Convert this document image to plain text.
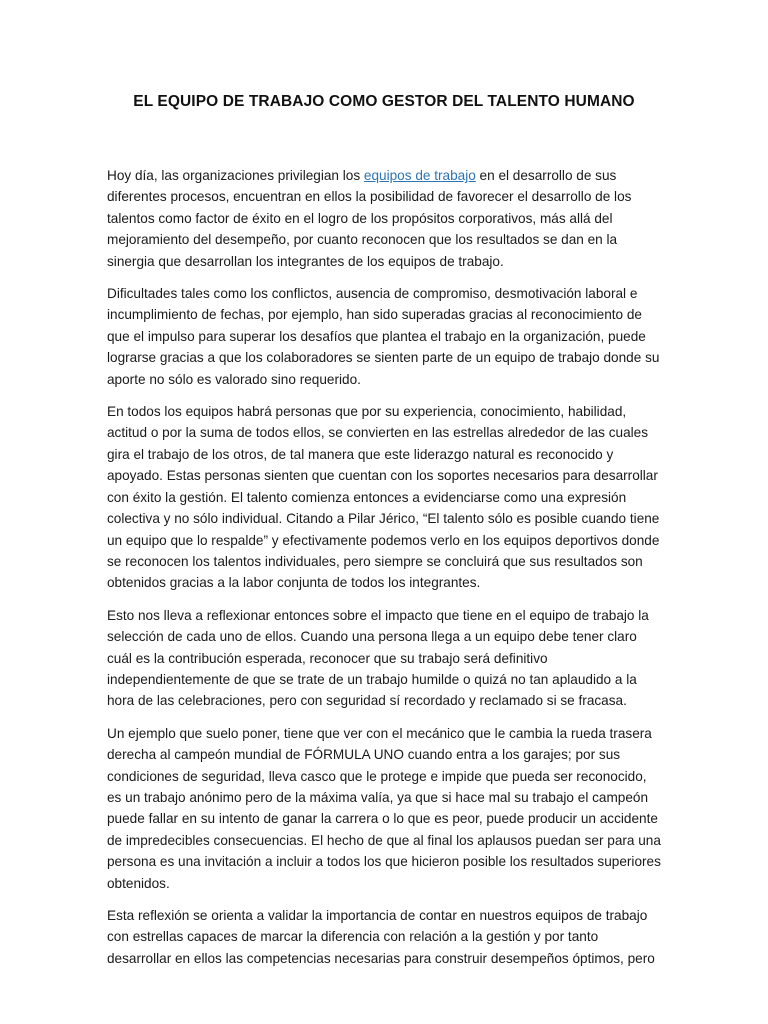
EL EQUIPO DE TRABAJO COMO GESTOR DEL TALENTO HUMANO

Hoy día, las organizaciones privilegian los equipos de trabajo en el desarrollo de sus diferentes procesos, encuentran en ellos la posibilidad de favorecer el desarrollo de los talentos como factor de éxito en el logro de los propósitos corporativos, más allá del mejoramiento del desempeño, por cuanto reconocen que los resultados se dan en la sinergia que desarrollan los integrantes de los equipos de trabajo.

Dificultades tales como los conflictos, ausencia de compromiso, desmotivación laboral e incumplimiento de fechas, por ejemplo, han sido superadas gracias al reconocimiento de que el impulso para superar los desafíos que plantea el trabajo en la organización, puede lograrse gracias a que los colaboradores se sienten parte de un equipo de trabajo donde su aporte no sólo es valorado sino requerido.

En todos los equipos habrá personas que por su experiencia, conocimiento, habilidad, actitud o por la suma de todos ellos, se convierten en las estrellas alrededor de las cuales gira el trabajo de los otros, de tal manera que este liderazgo natural es reconocido y apoyado. Estas personas sienten que cuentan con los soportes necesarios para desarrollar con éxito la gestión. El talento comienza entonces a evidenciarse como una expresión colectiva y no sólo individual. Citando a Pilar Jérico, “El talento sólo es posible cuando tiene un equipo que lo respalde” y efectivamente podemos verlo en los equipos deportivos donde se reconocen los talentos individuales, pero siempre se concluirá que sus resultados son obtenidos gracias a la labor conjunta de todos los integrantes.

Esto nos lleva a reflexionar entonces sobre el impacto que tiene en el equipo de trabajo la selección de cada uno de ellos. Cuando una persona llega a un equipo debe tener claro cuál es la contribución esperada, reconocer que su trabajo será definitivo independientemente de que se trate de un trabajo humilde o quizá no tan aplaudido a la hora de las celebraciones, pero con seguridad sí recordado y reclamado si se fracasa.

Un ejemplo que suelo poner, tiene que ver con el mecánico que le cambia la rueda trasera derecha al campeón mundial de FÓRMULA UNO cuando entra a los garajes; por sus condiciones de seguridad, lleva casco que le protege e impide que pueda ser reconocido, es un trabajo anónimo pero de la máxima valía, ya que si hace mal su trabajo el campeón puede fallar en su intento de ganar la carrera o lo que es peor, puede producir un accidente de impredecibles consecuencias. El hecho de que al final los aplausos puedan ser para una persona es una invitación a incluir a todos los que hicieron posible los resultados superiores obtenidos.

Esta reflexión se orienta a validar la importancia de contar en nuestros equipos de trabajo con estrellas capaces de marcar la diferencia con relación a la gestión y por tanto desarrollar en ellos las competencias necesarias para construir desempeños óptimos, pero
